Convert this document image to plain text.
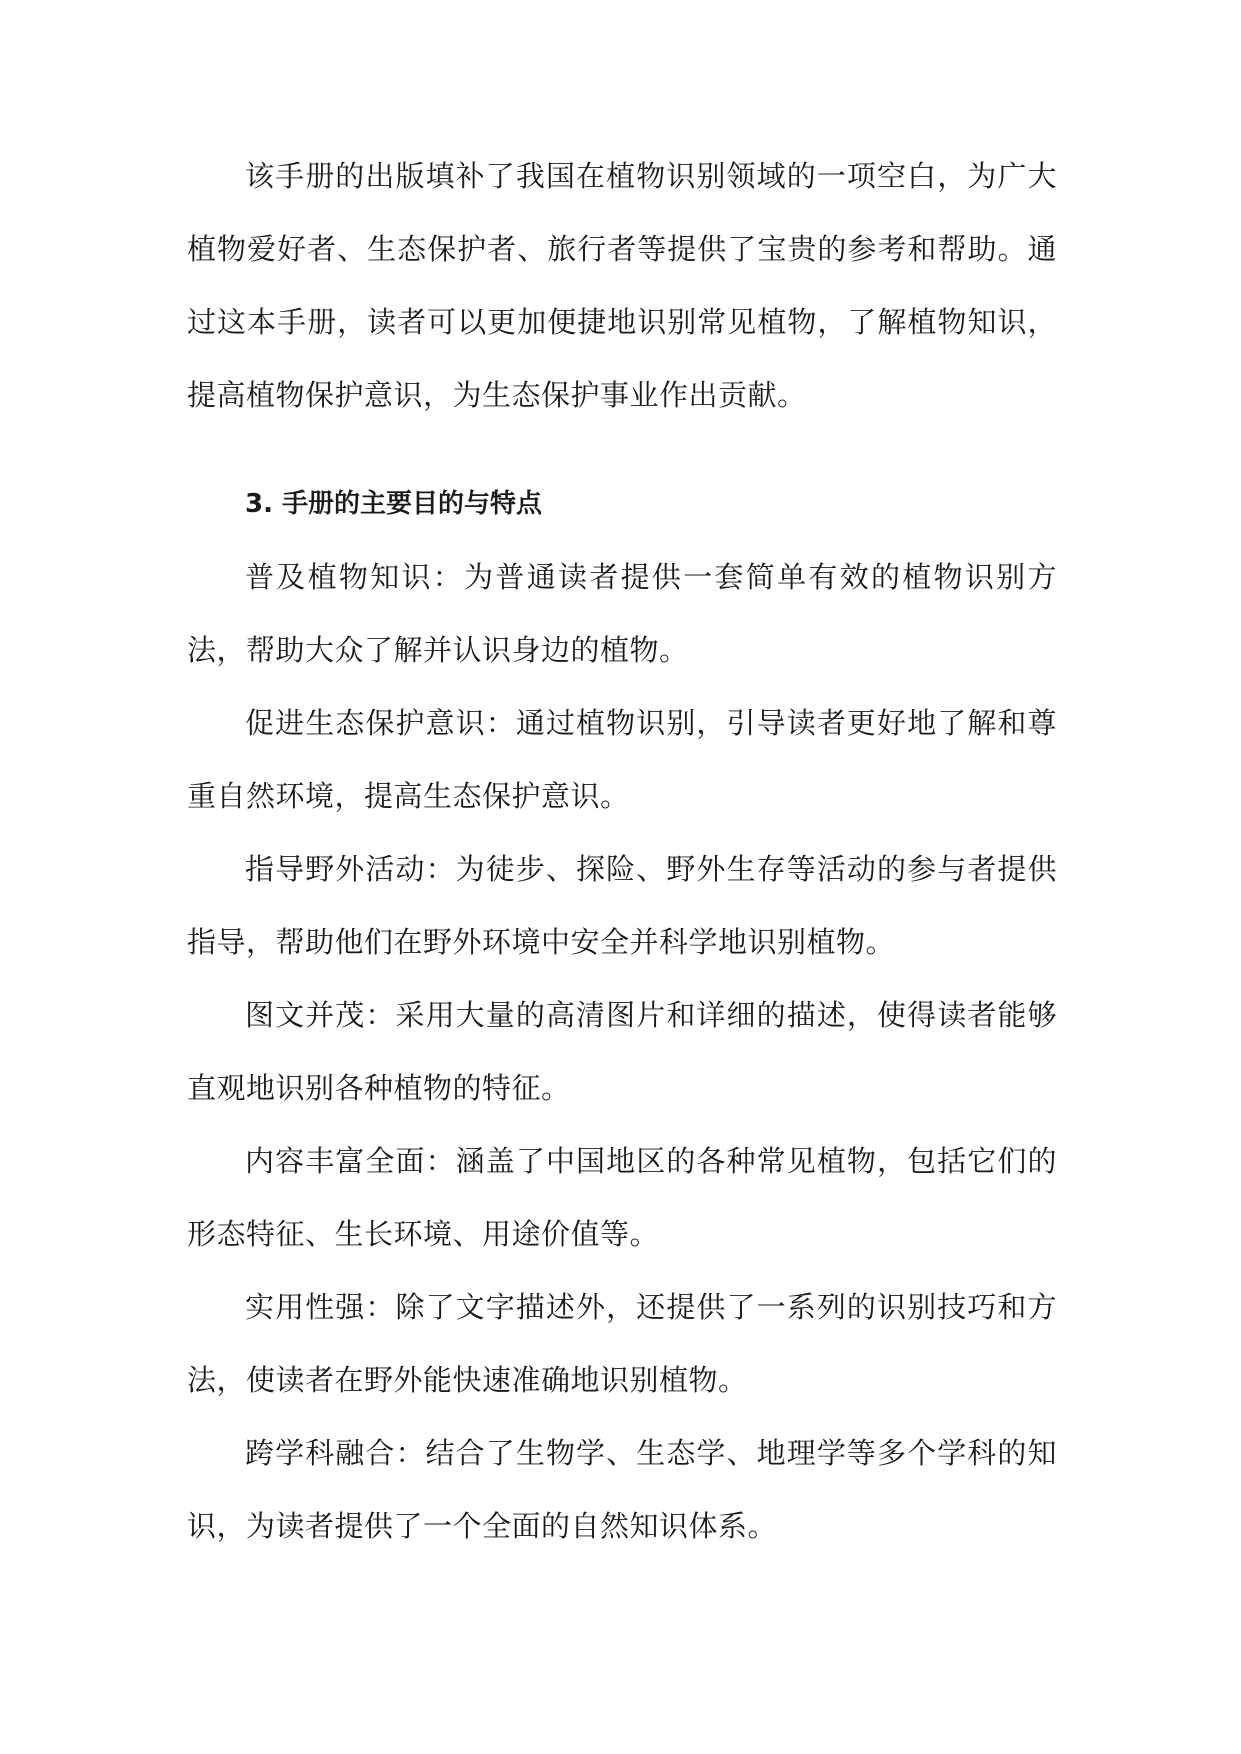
该手册的出版填补了我国在植物识别领域的一项空白，为广大植物爱好者、生态保护者、旅行者等提供了宝贵的参考和帮助。通过这本手册，读者可以更加便捷地识别常见植物，了解植物知识，提高植物保护意识，为生态保护事业作出贡献。

3. 手册的主要目的与特点

普及植物知识：为普通读者提供一套简单有效的植物识别方法，帮助大众了解并认识身边的植物。

促进生态保护意识：通过植物识别，引导读者更好地了解和尊重自然环境，提高生态保护意识。

指导野外活动：为徒步、探险、野外生存等活动的参与者提供指导，帮助他们在野外环境中安全并科学地识别植物。

图文并茂：采用大量的高清图片和详细的描述，使得读者能够直观地识别各种植物的特征。

内容丰富全面：涵盖了中国地区的各种常见植物，包括它们的形态特征、生长环境、用途价值等。

实用性强：除了文字描述外，还提供了一系列的识别技巧和方法，使读者在野外能快速准确地识别植物。

跨学科融合：结合了生物学、生态学、地理学等多个学科的知识，为读者提供了一个全面的自然知识体系。
